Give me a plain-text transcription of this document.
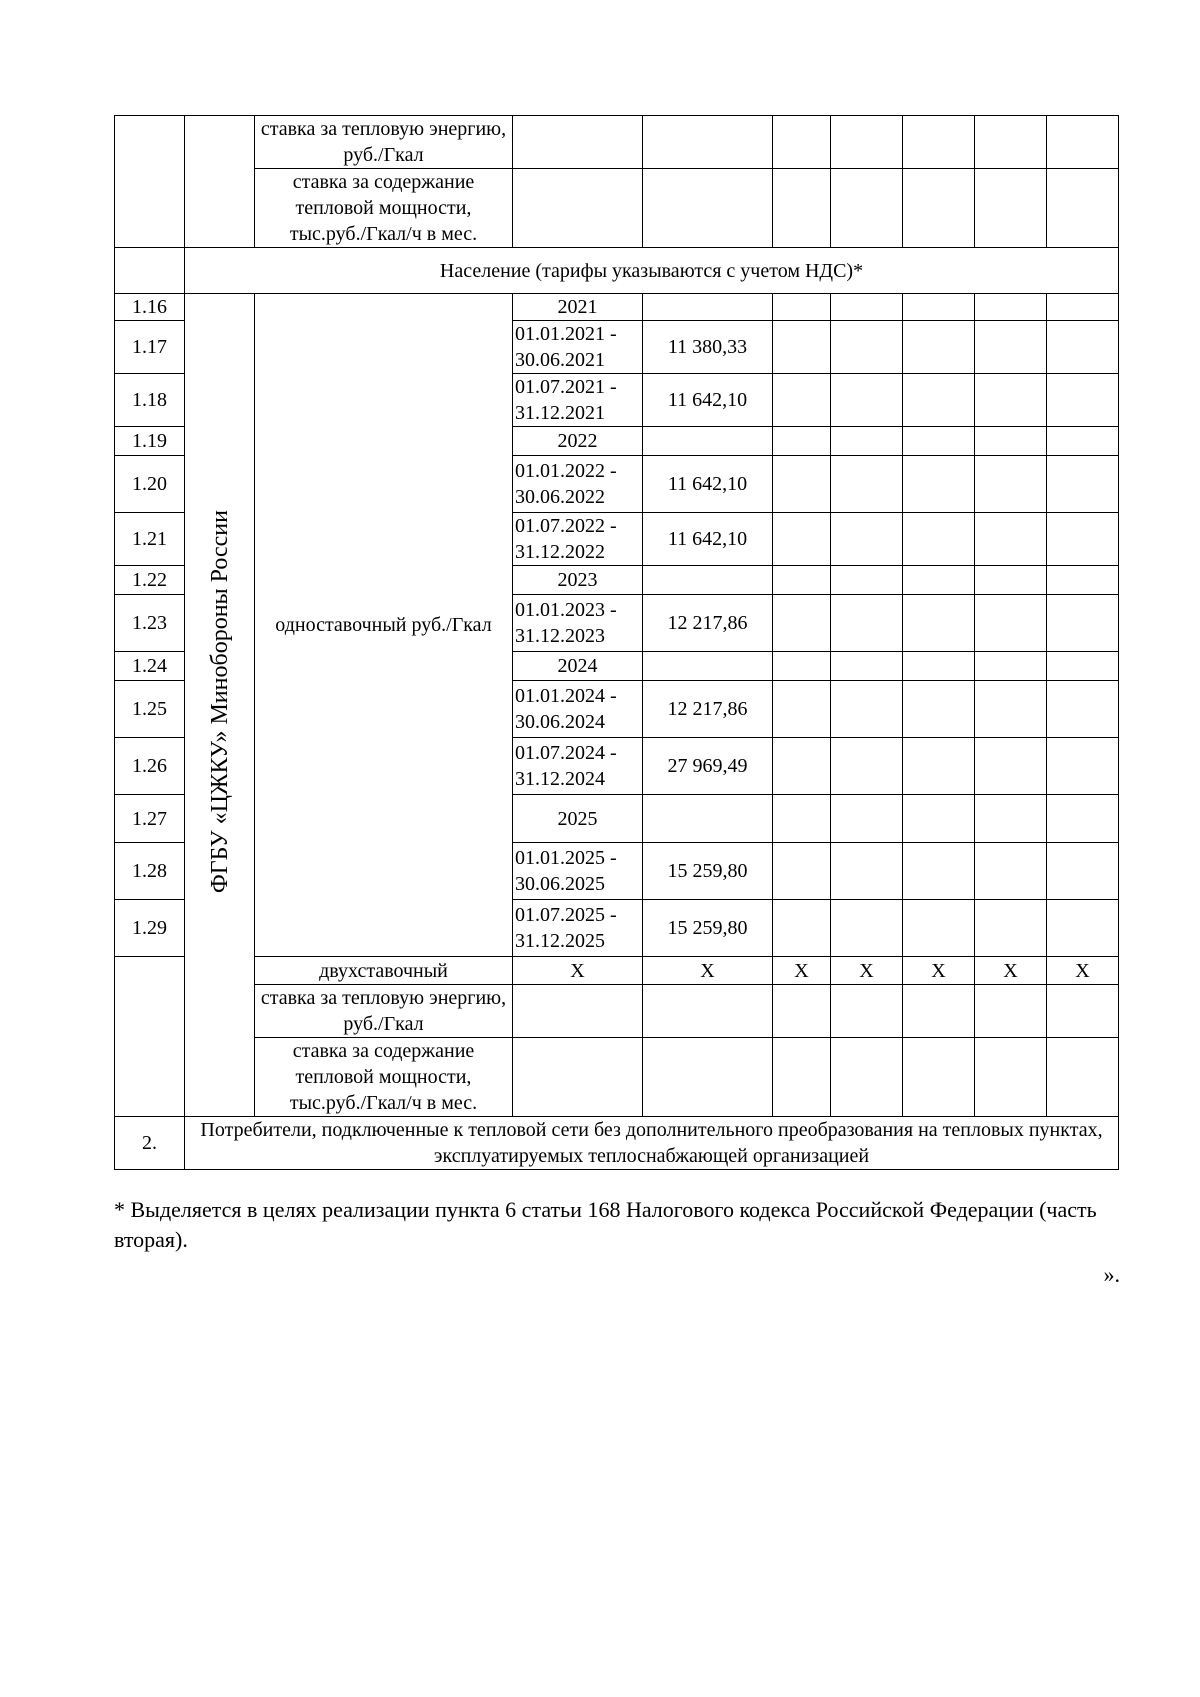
		ставка за тепловую энергию, руб./Гкал							
		ставка за содержание тепловой мощности, тыс.руб./Гкал/ч в мес.							
	Население (тарифы указываются с учетом НДС)*								
1.16	ФГБУ «ЦЖКУ» Минобороны России	одноставочный руб./Гкал	2021						
1.17			01.01.2021 - 30.06.2021	11 380,33					
1.18			01.07.2021 - 31.12.2021	11 642,10					
1.19			2022						
1.20			01.01.2022 - 30.06.2022	11 642,10					
1.21			01.07.2022 - 31.12.2022	11 642,10					
1.22			2023						
1.23			01.01.2023 - 31.12.2023	12 217,86					
1.24			2024						
1.25			01.01.2024 - 30.06.2024	12 217,86					
1.26			01.07.2024 - 31.12.2024	27 969,49					
1.27			2025						
1.28			01.01.2025 - 30.06.2025	15 259,80					
1.29			01.07.2025 - 31.12.2025	15 259,80					
		двухставочный	X	X	X	X	X	X	X
		ставка за тепловую энергию, руб./Гкал							
		ставка за содержание тепловой мощности, тыс.руб./Гкал/ч в мес.							
2.	Потребители, подключенные к тепловой сети без дополнительного преобразования на тепловых пунктах, эксплуатируемых теплоснабжающей организацией								
* Выделяется в целях реализации пункта 6 статьи 168 Налогового кодекса Российской Федерации (часть вторая).
».
